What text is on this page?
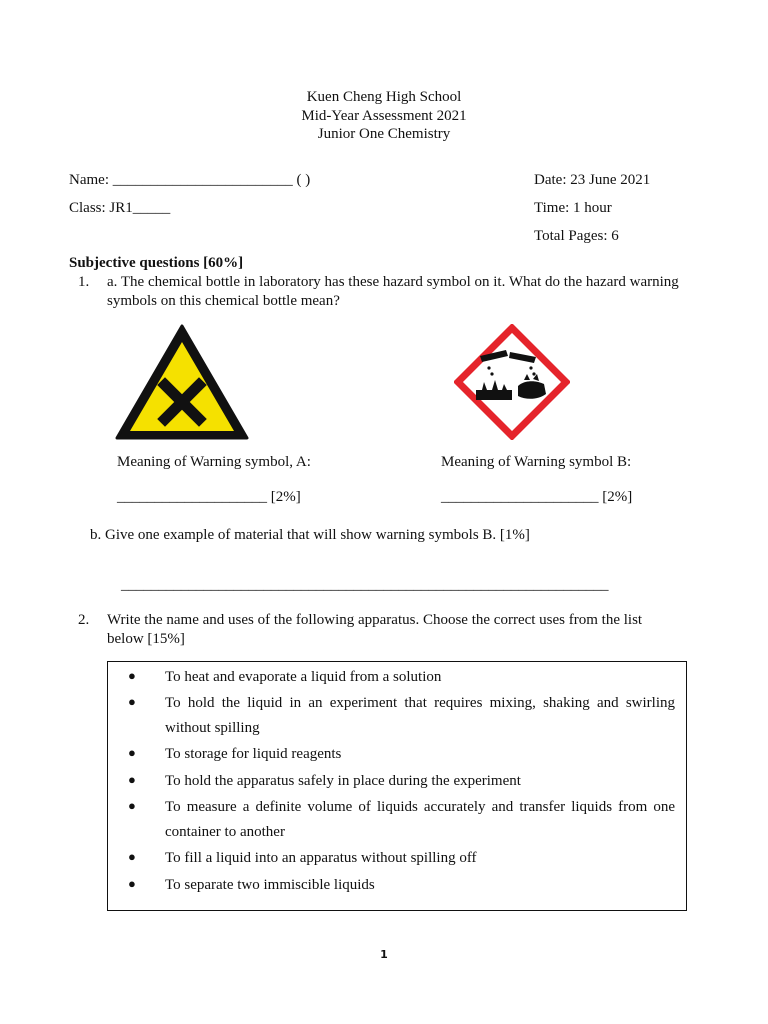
Kuen Cheng High School
Mid-Year Assessment 2021
Junior One Chemistry
Name: ________________________ ( )	Date: 23 June 2021
Class: JR1_____	Time: 1 hour
Total Pages: 6
Subjective questions [60%]
1. a. The chemical bottle in laboratory has these hazard symbol on it. What do the hazard warning
symbols on this chemical bottle mean?
Meaning of Warning symbol, A:	Meaning of Warning symbol B:
____________________ [2%]	_____________________ [2%]
b. Give one example of material that will show warning symbols B. [1%]
_________________________________________________________________
2. Write the name and uses of the following apparatus. Choose the correct uses from the list
below [15%]
● To heat and evaporate a liquid from a solution
● To hold the liquid in an experiment that requires mixing, shaking and swirling
without spilling
● To storage for liquid reagents
● To hold the apparatus safely in place during the experiment
● To measure a definite volume of liquids accurately and transfer liquids from one
container to another
● To fill a liquid into an apparatus without spilling off
● To separate two immiscible liquids
1
